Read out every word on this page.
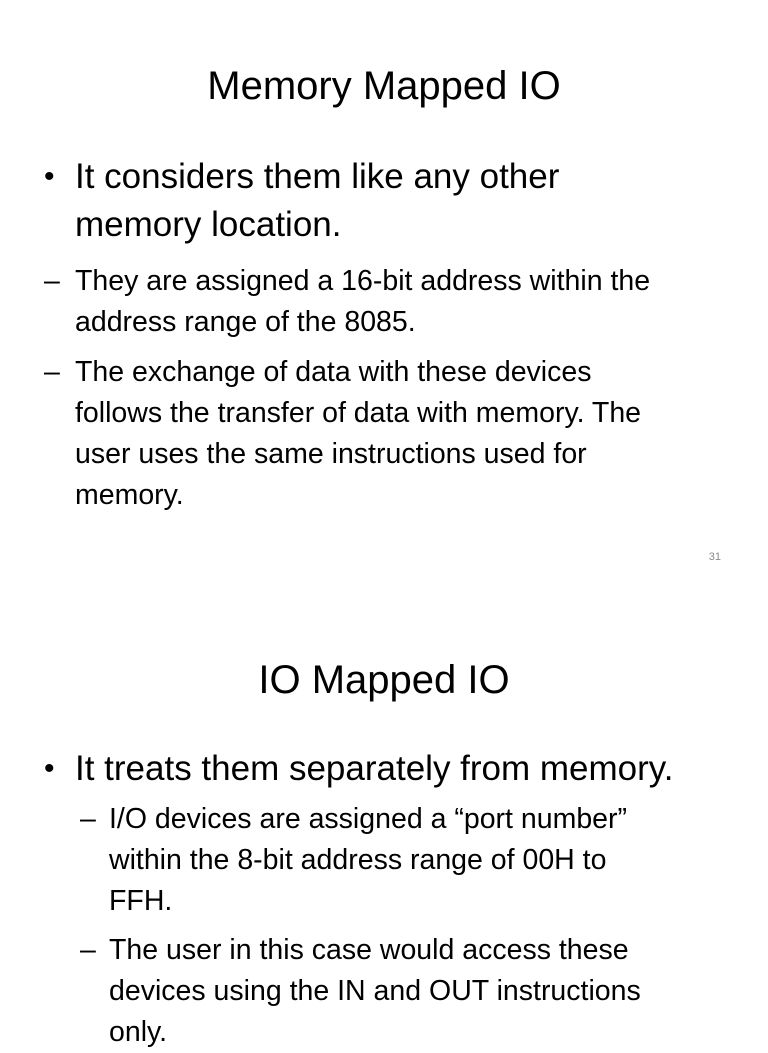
Memory Mapped IO
• It considers them like any other
memory location.
– They are assigned a 16-bit address within the
address range of the 8085.
– The exchange of data with these devices
follows the transfer of data with memory. The
user uses the same instructions used for
memory.
31
IO Mapped IO
• It treats them separately from memory.
– I/O devices are assigned a “port number”
within the 8-bit address range of 00H to
FFH.
– The user in this case would access these
devices using the IN and OUT instructions
only.
